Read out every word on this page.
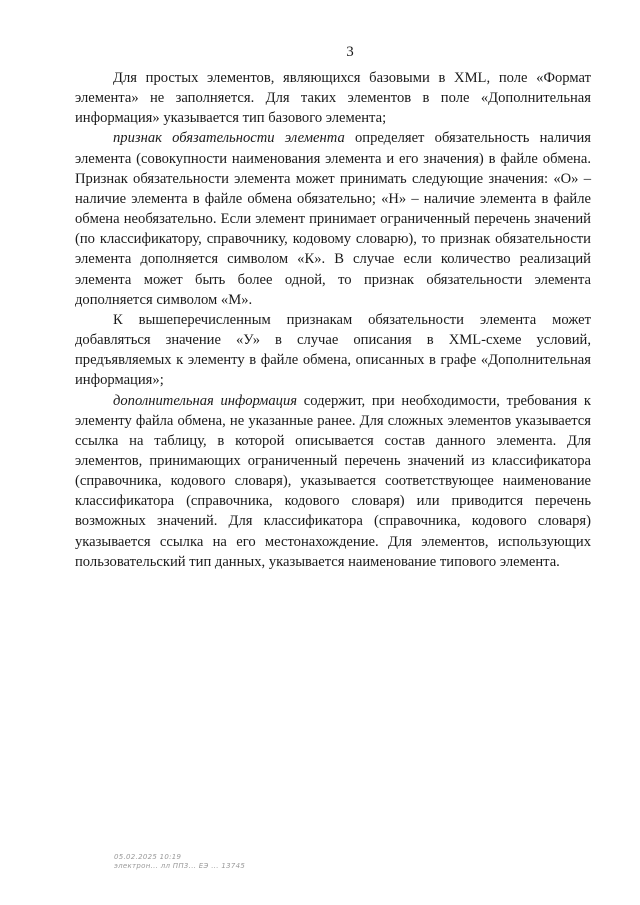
3

Для простых элементов, являющихся базовыми в XML, поле «Формат элемента» не заполняется. Для таких элементов в поле «Дополнительная информация» указывается тип базового элемента;

признак обязательности элемента определяет обязательность наличия элемента (совокупности наименования элемента и его значения) в файле обмена. Признак обязательности элемента может принимать следующие значения: «О» – наличие элемента в файле обмена обязательно; «Н» – наличие элемента в файле обмена необязательно. Если элемент принимает ограниченный перечень значений (по классификатору, справочнику, кодовому словарю), то признак обязательности элемента дополняется символом «К». В случае если количество реализаций элемента может быть более одной, то признак обязательности элемента дополняется символом «М».

К вышеперечисленным признакам обязательности элемента может добавляться значение «У» в случае описания в XML-схеме условий, предъявляемых к элементу в файле обмена, описанных в графе «Дополнительная информация»;

дополнительная информация содержит, при необходимости, требования к элементу файла обмена, не указанные ранее. Для сложных элементов указывается ссылка на таблицу, в которой описывается состав данного элемента. Для элементов, принимающих ограниченный перечень значений из классификатора (справочника, кодового словаря), указывается соответствующее наименование классификатора (справочника, кодового словаря) или приводится перечень возможных значений. Для классификатора (справочника, кодового словаря) указывается ссылка на его местонахождение. Для элементов, использующих пользовательский тип данных, указывается наименование типового элемента.

05.02.2025 10:19
электрон... лл ПП3... ЕЭ ... 13745
